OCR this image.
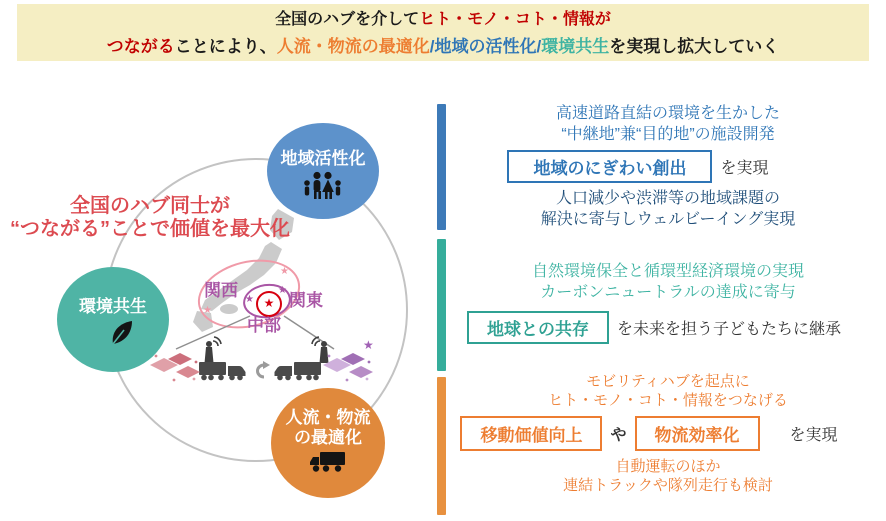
全国のハブを介してヒト・モノ・コト・情報が
つながることにより、人流・物流の最適化/地域の活性化/環境共生を実現し拡大していく
★
★
★
★
★
★
関西
関東
中部
全国のハブ同士が
“つながる”ことで価値を最大化
地域活性化
環境共生
人流・物流
の最適化
高速道路直結の環境を生かした
“中継地”兼“目的地”の施設開発
地域のにぎわい創出	を実現
人口減少や渋滞等の地域課題の
解決に寄与しウェルビーイング実現
自然環境保全と循環型経済環境の実現
カーボンニュートラルの達成に寄与
地球との共存	を未来を担う子どもたちに継承
モビリティハブを起点に
ヒト・モノ・コト・情報をつなげる
移動価値向上	や	物流効率化	を実現
自動運転のほか
連結トラックや隊列走行も検討
